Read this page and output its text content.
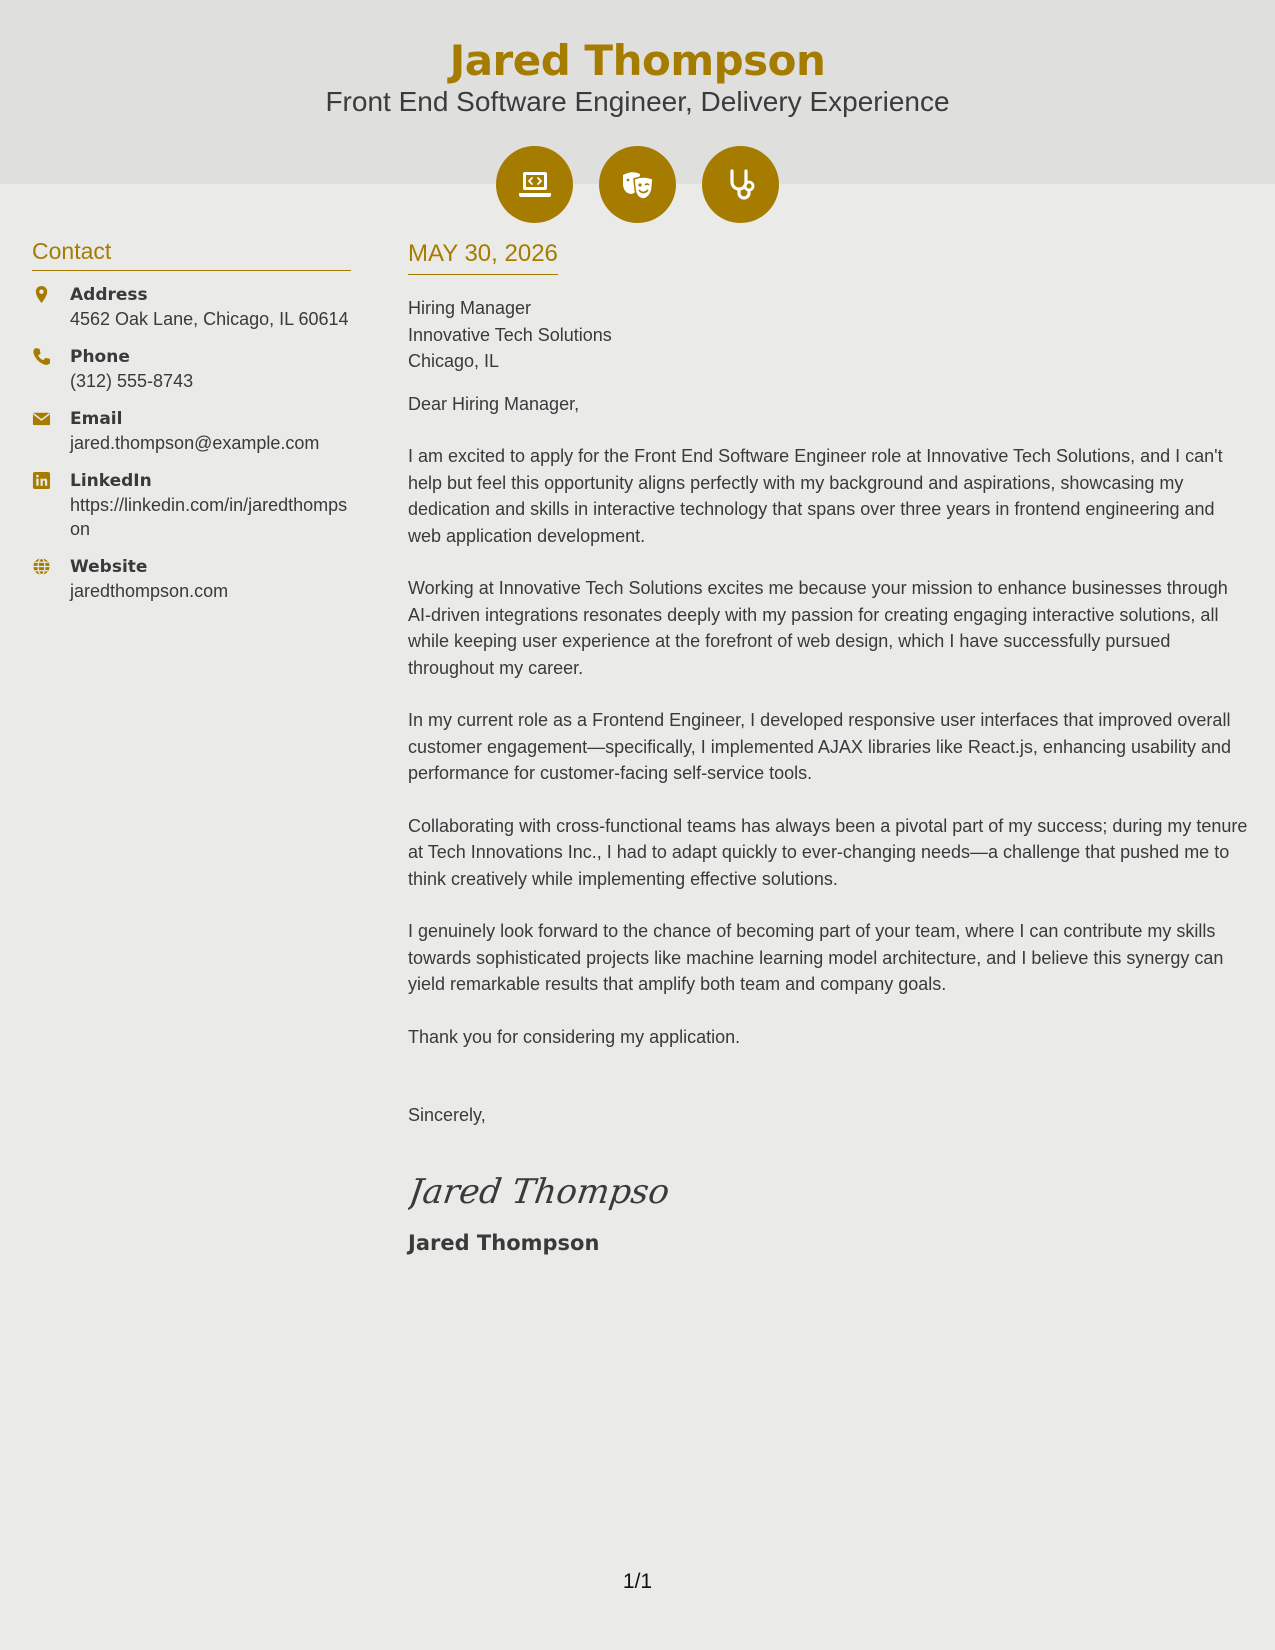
Jared Thompson
Front End Software Engineer, Delivery Experience
Contact
Address
4562 Oak Lane, Chicago, IL 60614
Phone
(312) 555-8743
Email
jared.thompson@example.com
LinkedIn
https://linkedin.com/in/jaredthompson
Website
jaredthompson.com
MAY 30, 2026
Hiring Manager
Innovative Tech Solutions
Chicago, IL
Dear Hiring Manager,
I am excited to apply for the Front End Software Engineer role at Innovative Tech Solutions, and I can't help but feel this opportunity aligns perfectly with my background and aspirations, showcasing my dedication and skills in interactive technology that spans over three years in frontend engineering and web application development.
Working at Innovative Tech Solutions excites me because your mission to enhance businesses through AI-driven integrations resonates deeply with my passion for creating engaging interactive solutions, all while keeping user experience at the forefront of web design, which I have successfully pursued throughout my career.
In my current role as a Frontend Engineer, I developed responsive user interfaces that improved overall customer engagement—specifically, I implemented AJAX libraries like React.js, enhancing usability and performance for customer-facing self-service tools.
Collaborating with cross-functional teams has always been a pivotal part of my success; during my tenure at Tech Innovations Inc., I had to adapt quickly to ever-changing needs—a challenge that pushed me to think creatively while implementing effective solutions.
I genuinely look forward to the chance of becoming part of your team, where I can contribute my skills towards sophisticated projects like machine learning model architecture, and I believe this synergy can yield remarkable results that amplify both team and company goals.
Thank you for considering my application.
Sincerely,
Jared Thompson
Jared Thompson
1/1
